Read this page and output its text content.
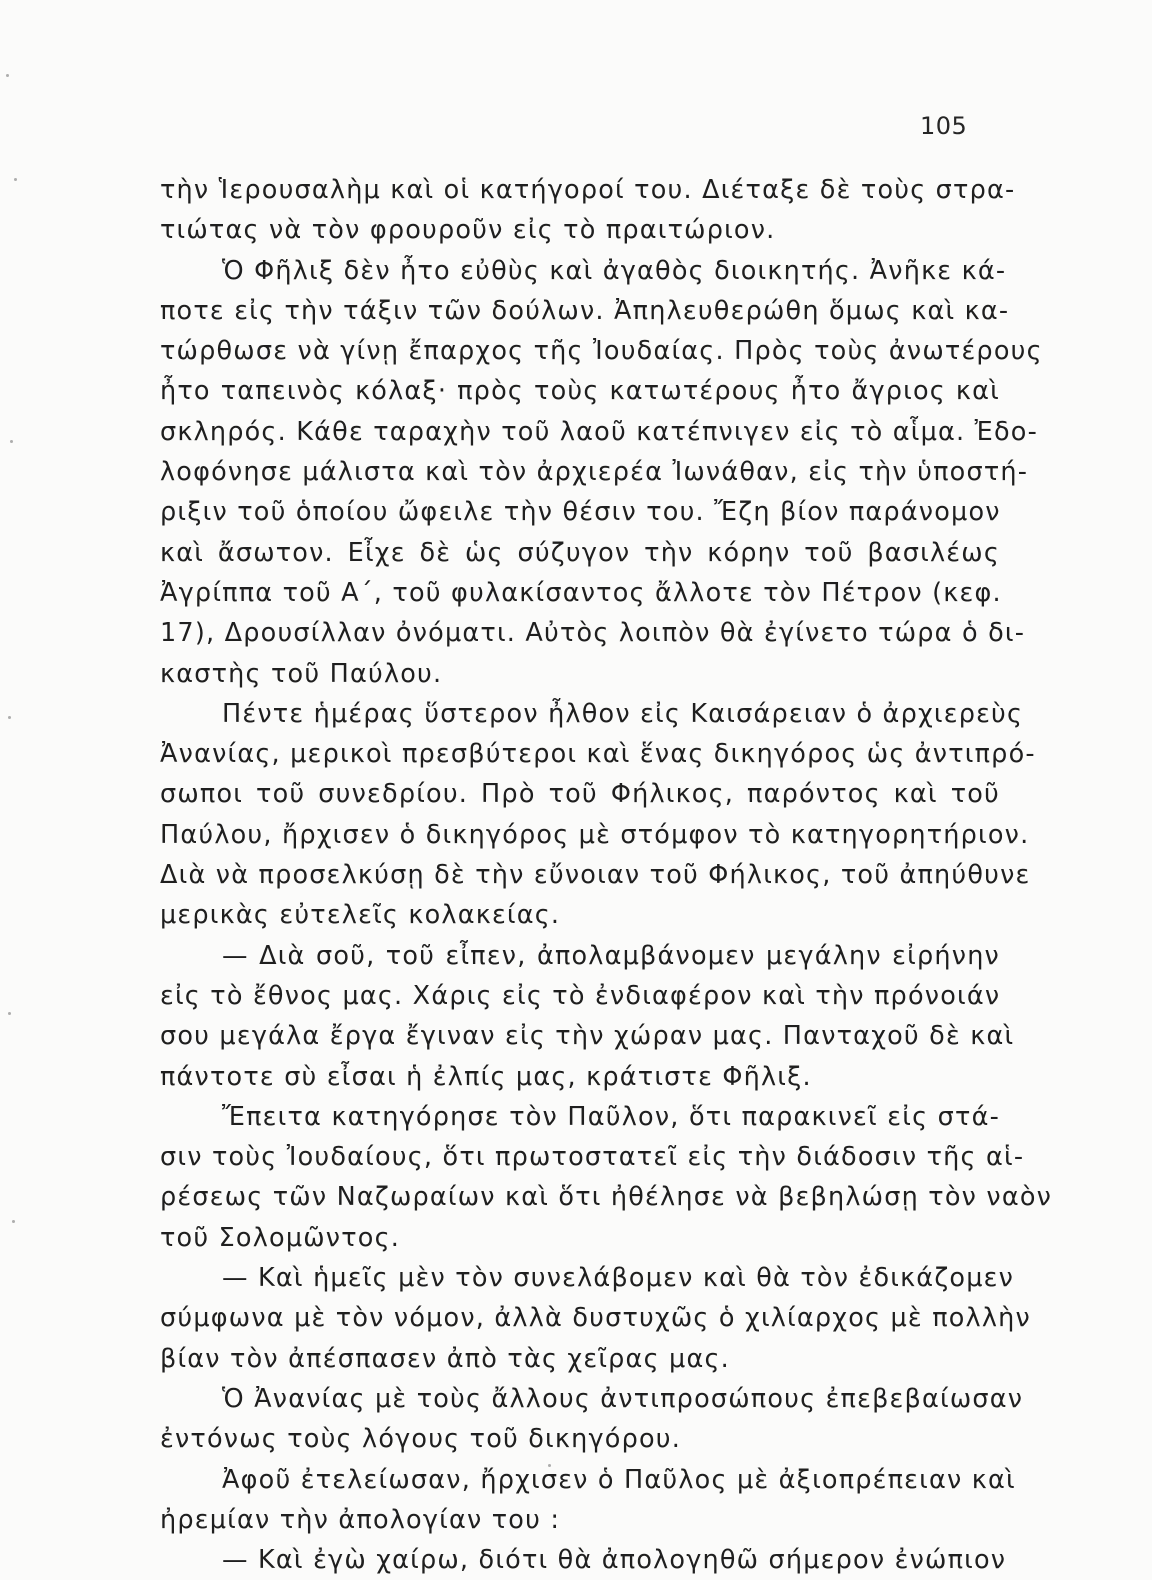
105
τὴν Ἱερουσαλὴμ καὶ οἱ κατήγοροί του. Διέταξε δὲ τοὺς στρα-
τιώτας νὰ τὸν φρουροῦν εἰς τὸ πραιτώριον.
Ὁ Φῆλιξ δὲν ἦτο εὐθὺς καὶ ἀγαθὸς διοικητής. Ἀνῆκε κά-
ποτε εἰς τὴν τάξιν τῶν δούλων. Ἀπηλευθερώθη ὅμως καὶ κα-
τώρθωσε νὰ γίνῃ ἔπαρχος τῆς Ἰουδαίας. Πρὸς τοὺς ἀνωτέρους
ἦτο ταπεινὸς κόλαξ· πρὸς τοὺς κατωτέρους ἦτο ἄγριος καὶ
σκληρός. Κάθε ταραχὴν τοῦ λαοῦ κατέπνιγεν εἰς τὸ αἷμα. Ἐδο-
λοφόνησε μάλιστα καὶ τὸν ἀρχιερέα Ἰωνάθαν, εἰς τὴν ὑποστή-
ριξιν τοῦ ὁποίου ὤφειλε τὴν θέσιν του. Ἔζη βίον παράνομον
καὶ ἄσωτον. Εἶχε δὲ ὡς σύζυγον τὴν κόρην τοῦ βασιλέως
Ἀγρίππα τοῦ Α΄, τοῦ φυλακίσαντος ἄλλοτε τὸν Πέτρον (κεφ.
17), Δρουσίλλαν ὀνόματι. Αὐτὸς λοιπὸν θὰ ἐγίνετο τώρα ὁ δι-
καστὴς τοῦ Παύλου.
Πέντε ἡμέρας ὕστερον ἦλθον εἰς Καισάρειαν ὁ ἀρχιερεὺς
Ἀνανίας, μερικοὶ πρεσβύτεροι καὶ ἕνας δικηγόρος ὡς ἀντιπρό-
σωποι τοῦ συνεδρίου. Πρὸ τοῦ Φήλικος, παρόντος καὶ τοῦ
Παύλου, ἤρχισεν ὁ δικηγόρος μὲ στόμφον τὸ κατηγορητήριον.
Διὰ νὰ προσελκύσῃ δὲ τὴν εὔνοιαν τοῦ Φήλικος, τοῦ ἀπηύθυνε
μερικὰς εὐτελεῖς κολακείας.
— Διὰ σοῦ, τοῦ εἶπεν, ἀπολαμβάνομεν μεγάλην εἰρήνην
εἰς τὸ ἔθνος μας. Χάρις εἰς τὸ ἐνδιαφέρον καὶ τὴν πρόνοιάν
σου μεγάλα ἔργα ἔγιναν εἰς τὴν χώραν μας. Πανταχοῦ δὲ καὶ
πάντοτε σὺ εἶσαι ἡ ἐλπίς μας, κράτιστε Φῆλιξ.
Ἔπειτα κατηγόρησε τὸν Παῦλον, ὅτι παρακινεῖ εἰς στά-
σιν τοὺς Ἰουδαίους, ὅτι πρωτοστατεῖ εἰς τὴν διάδοσιν τῆς αἱ-
ρέσεως τῶν Ναζωραίων καὶ ὅτι ἠθέλησε νὰ βεβηλώσῃ τὸν ναὸν
τοῦ Σολομῶντος.
— Καὶ ἡμεῖς μὲν τὸν συνελάβομεν καὶ θὰ τὸν ἐδικάζομεν
σύμφωνα μὲ τὸν νόμον, ἀλλὰ δυστυχῶς ὁ χιλίαρχος μὲ πολλὴν
βίαν τὸν ἀπέσπασεν ἀπὸ τὰς χεῖρας μας.
Ὁ Ἀνανίας μὲ τοὺς ἄλλους ἀντιπροσώπους ἐπεβεβαίωσαν
ἐντόνως τοὺς λόγους τοῦ δικηγόρου.
Ἀφοῦ ἐτελείωσαν, ἤρχισεν ὁ Παῦλος μὲ ἀξιοπρέπειαν καὶ
ἠρεμίαν τὴν ἀπολογίαν του :
— Καὶ ἐγὼ χαίρω, διότι θὰ ἀπολογηθῶ σήμερον ἐνώπιον
